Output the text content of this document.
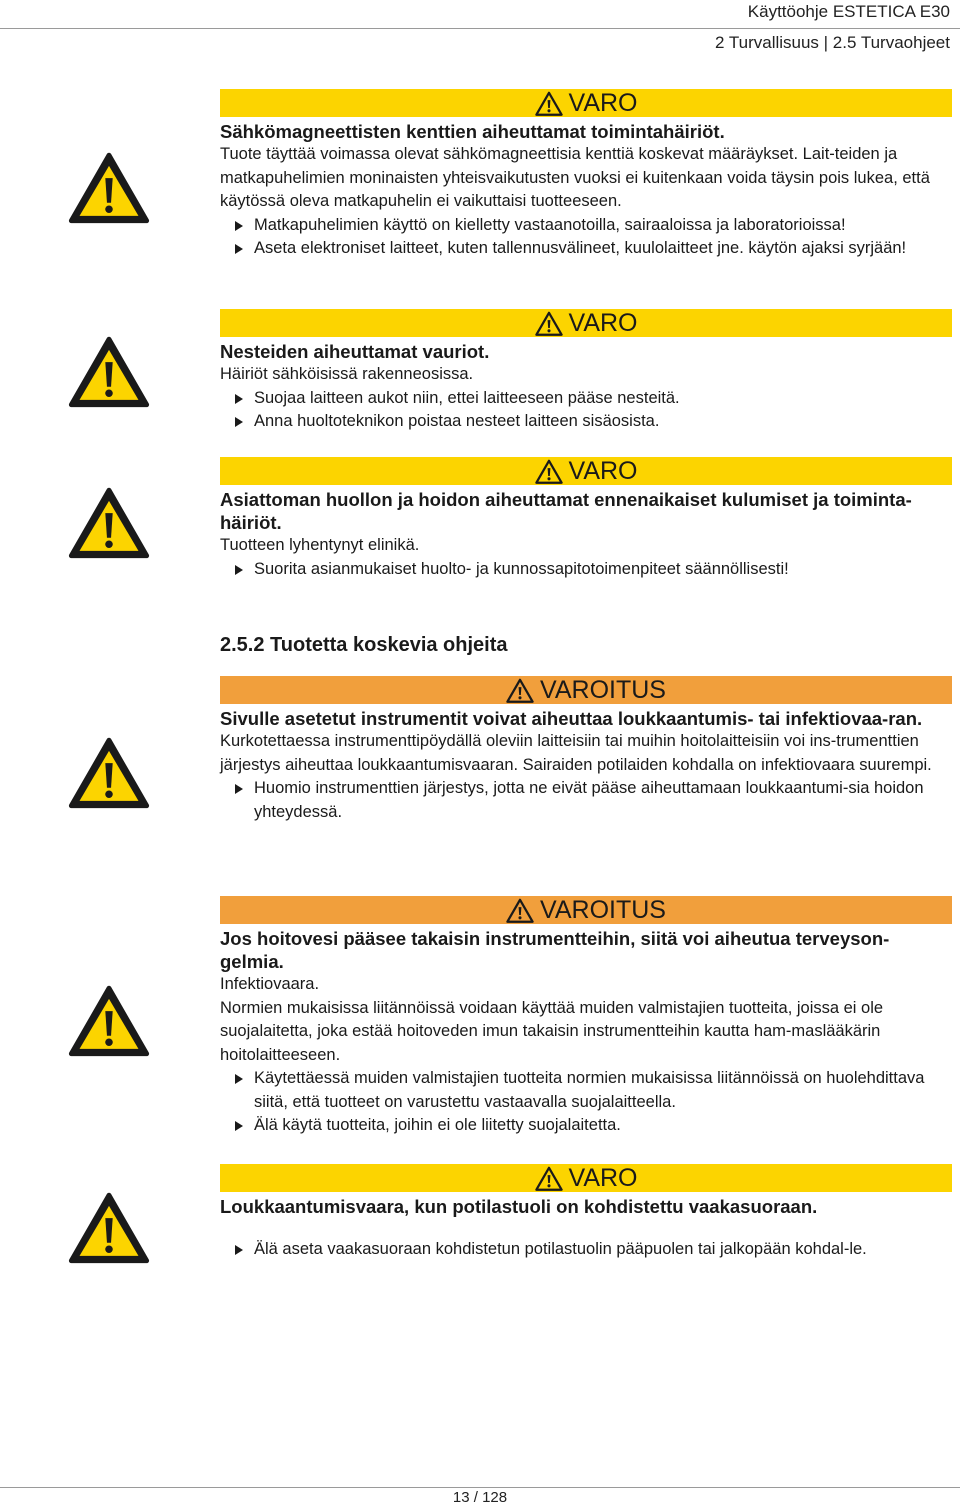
Käyttöohje ESTETICA E30
2 Turvallisuus | 2.5 Turvaohjeet
VARO
Sähkömagneettisten kenttien aiheuttamat toimintahäiriöt.
Tuote täyttää voimassa olevat sähkömagneettisia kenttiä koskevat määräykset. Lait-teiden ja matkapuhelimien moninaisten yhteisvaikutusten vuoksi ei kuitenkaan voida täysin pois lukea, että käytössä oleva matkapuhelin ei vaikuttaisi tuotteeseen.
Matkapuhelimien käyttö on kielletty vastaanotoilla, sairaaloissa ja laboratorioissa!
Aseta elektroniset laitteet, kuten tallennusvälineet, kuulolaitteet jne. käytön ajaksi syrjään!
VARO
Nesteiden aiheuttamat vauriot.
Häiriöt sähköisissä rakenneosissa.
Suojaa laitteen aukot niin, ettei laitteeseen pääse nesteitä.
Anna huoltoteknikon poistaa nesteet laitteen sisäosista.
VARO
Asiattoman huollon ja hoidon aiheuttamat ennenaikaiset kulumiset ja toiminta-häiriöt.
Tuotteen lyhentynyt elinikä.
Suorita asianmukaiset huolto- ja kunnossapitotoimenpiteet säännöllisesti!
2.5.2 Tuotetta koskevia ohjeita
VAROITUS
Sivulle asetetut instrumentit voivat aiheuttaa loukkaantumis- tai infektiovaa-ran.
Kurkotettaessa instrumenttipöydällä oleviin laitteisiin tai muihin hoitolaitteisiin voi ins-trumenttien järjestys aiheuttaa loukkaantumisvaaran. Sairaiden potilaiden kohdalla on infektiovaara suurempi.
Huomio instrumenttien järjestys, jotta ne eivät pääse aiheuttamaan loukkaantumi-sia hoidon yhteydessä.
VAROITUS
Jos hoitovesi pääsee takaisin instrumentteihin, siitä voi aiheutua terveyson-gelmia.
Infektiovaara.
Normien mukaisissa liitännöissä voidaan käyttää muiden valmistajien tuotteita, joissa ei ole suojalaitetta, joka estää hoitoveden imun takaisin instrumentteihin kautta ham-maslääkärin hoitolaitteeseen.
Käytettäessä muiden valmistajien tuotteita normien mukaisissa liitännöissä on huolehdittava siitä, että tuotteet on varustettu vastaavalla suojalaitteella.
Älä käytä tuotteita, joihin ei ole liitetty suojalaitetta.
VARO
Loukkaantumisvaara, kun potilastuoli on kohdistettu vaakasuoraan.
Älä aseta vaakasuoraan kohdistetun potilastuolin pääpuolen tai jalkopään kohdal-le.
13 / 128
